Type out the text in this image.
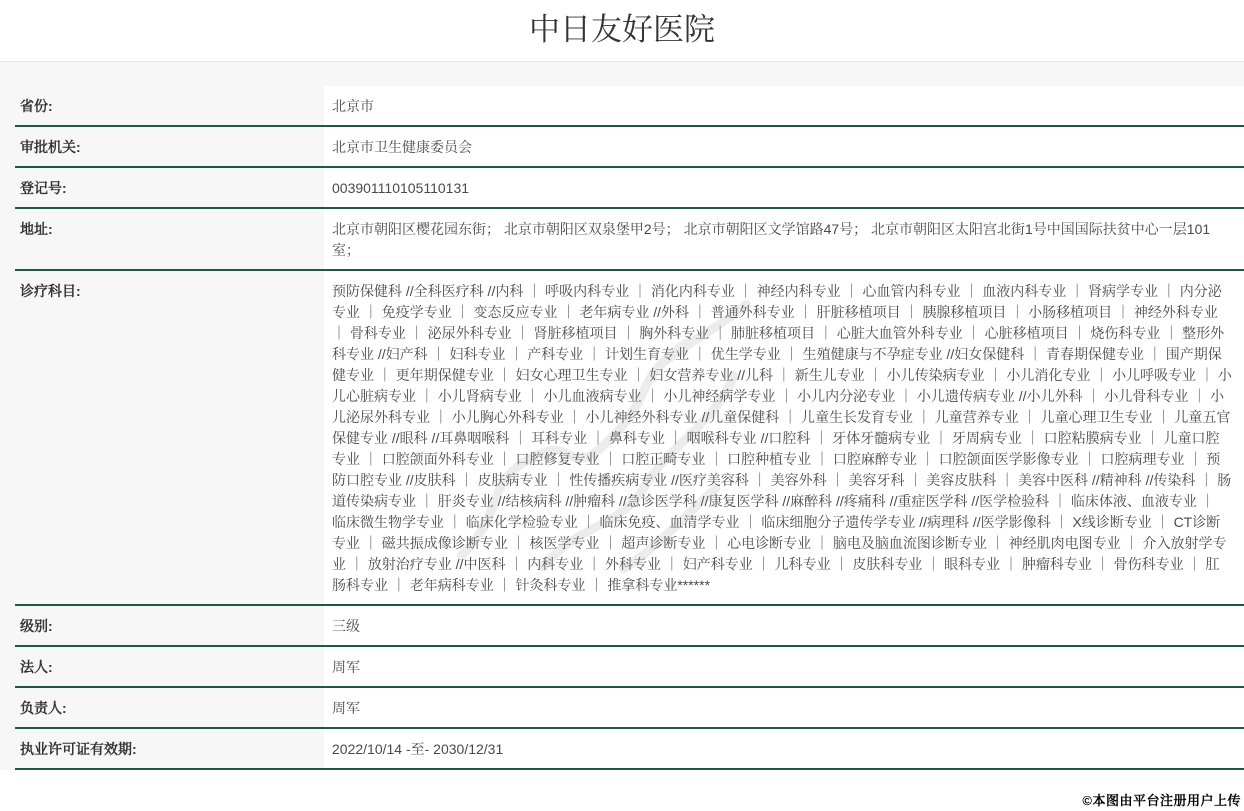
中日友好医院
省份:	北京市
审批机关:	北京市卫生健康委员会
登记号:	003901110105110131
地址:	北京市朝阳区樱花园东街； 北京市朝阳区双泉堡甲2号； 北京市朝阳区文学馆路47号； 北京市朝阳区太阳宫北街1号中国国际扶贫中心一层101室；
诊疗科目:	预防保健科 //全科医疗科 //内科 ｜ 呼吸内科专业 ｜ 消化内科专业 ｜ 神经内科专业 ｜ 心血管内科专业 ｜ 血液内科专业 ｜ 肾病学专业 ｜ 内分泌专业 ｜ 免疫学专业 ｜ 变态反应专业 ｜ 老年病专业 //外科 ｜ 普通外科专业 ｜ 肝脏移植项目 ｜ 胰腺移植项目 ｜ 小肠移植项目 ｜ 神经外科专业 ｜ 骨科专业 ｜ 泌尿外科专业 ｜ 肾脏移植项目 ｜ 胸外科专业 ｜ 肺脏移植项目 ｜ 心脏大血管外科专业 ｜ 心脏移植项目 ｜ 烧伤科专业 ｜ 整形外科专业 //妇产科 ｜ 妇科专业 ｜ 产科专业 ｜ 计划生育专业 ｜ 优生学专业 ｜ 生殖健康与不孕症专业 //妇女保健科 ｜ 青春期保健专业 ｜ 围产期保健专业 ｜ 更年期保健专业 ｜ 妇女心理卫生专业 ｜ 妇女营养专业 //儿科 ｜ 新生儿专业 ｜ 小儿传染病专业 ｜ 小儿消化专业 ｜ 小儿呼吸专业 ｜ 小儿心脏病专业 ｜ 小儿肾病专业 ｜ 小儿血液病专业 ｜ 小儿神经病学专业 ｜ 小儿内分泌专业 ｜ 小儿遗传病专业 //小儿外科 ｜ 小儿骨科专业 ｜ 小儿泌尿外科专业 ｜ 小儿胸心外科专业 ｜ 小儿神经外科专业 //儿童保健科 ｜ 儿童生长发育专业 ｜ 儿童营养专业 ｜ 儿童心理卫生专业 ｜ 儿童五官保健专业 //眼科 //耳鼻咽喉科 ｜ 耳科专业 ｜ 鼻科专业 ｜ 咽喉科专业 //口腔科 ｜ 牙体牙髓病专业 ｜ 牙周病专业 ｜ 口腔粘膜病专业 ｜ 儿童口腔专业 ｜ 口腔颌面外科专业 ｜ 口腔修复专业 ｜ 口腔正畸专业 ｜ 口腔种植专业 ｜ 口腔麻醉专业 ｜ 口腔颌面医学影像专业 ｜ 口腔病理专业 ｜ 预防口腔专业 //皮肤科 ｜ 皮肤病专业 ｜ 性传播疾病专业 //医疗美容科 ｜ 美容外科 ｜ 美容牙科 ｜ 美容皮肤科 ｜ 美容中医科 //精神科 //传染科 ｜ 肠道传染病专业 ｜ 肝炎专业 //结核病科 //肿瘤科 //急诊医学科 //康复医学科 //麻醉科 //疼痛科 //重症医学科 //医学检验科 ｜ 临床体液、血液专业 ｜ 临床微生物学专业 ｜ 临床化学检验专业 ｜ 临床免疫、血清学专业 ｜ 临床细胞分子遗传学专业 //病理科 //医学影像科 ｜ X线诊断专业 ｜ CT诊断专业 ｜ 磁共振成像诊断专业 ｜ 核医学专业 ｜ 超声诊断专业 ｜ 心电诊断专业 ｜ 脑电及脑血流图诊断专业 ｜ 神经肌肉电图专业 ｜ 介入放射学专业 ｜ 放射治疗专业 //中医科 ｜ 内科专业 ｜ 外科专业 ｜ 妇产科专业 ｜ 儿科专业 ｜ 皮肤科专业 ｜ 眼科专业 ｜ 肿瘤科专业 ｜ 骨伤科专业 ｜ 肛肠科专业 ｜ 老年病科专业 ｜ 针灸科专业 ｜ 推拿科专业******
级别:	三级
法人:	周军
负责人:	周军
执业许可证有效期:	2022/10/14 -至- 2030/12/31
©本图由平台注册用户上传
